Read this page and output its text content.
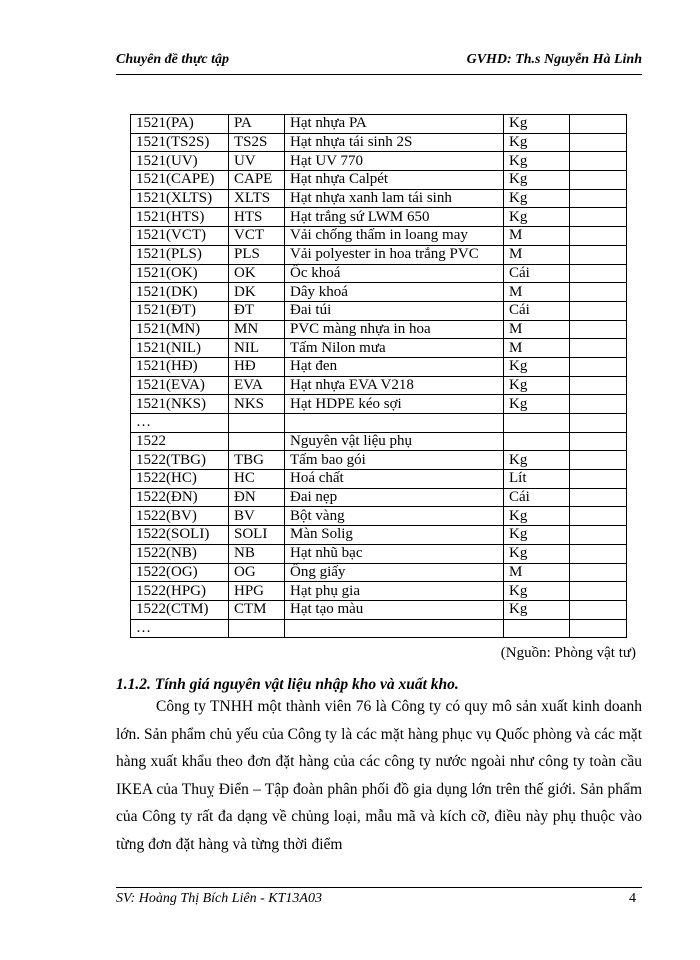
Chuyên đề thực tập	GVHD: Th.s Nguyễn Hà Linh
1521(PA)	PA	Hạt nhựa PA	Kg	
1521(TS2S)	TS2S	Hạt nhựa tái sinh 2S	Kg	
1521(UV)	UV	Hạt UV 770	Kg	
1521(CAPE)	CAPE	Hạt nhựa Calpét	Kg	
1521(XLTS)	XLTS	Hạt nhựa xanh lam tái sinh	Kg	
1521(HTS)	HTS	Hạt trắng sứ LWM 650	Kg	
1521(VCT)	VCT	Vải chống thấm in loang may	M	
1521(PLS)	PLS	Vải polyester in hoa trắng PVC	M	
1521(OK)	OK	Ốc khoá	Cái	
1521(DK)	DK	Dây khoá	M	
1521(ĐT)	ĐT	Đai túi	Cái	
1521(MN)	MN	PVC màng nhựa in hoa	M	
1521(NIL)	NIL	Tấm Nilon mưa	M	
1521(HĐ)	HĐ	Hạt đen	Kg	
1521(EVA)	EVA	Hạt nhựa EVA V218	Kg	
1521(NKS)	NKS	Hạt HDPE kéo sợi	Kg	
…				
1522		Nguyên vật liệu phụ		
1522(TBG)	TBG	Tấm bao gói	Kg	
1522(HC)	HC	Hoá chất	Lít	
1522(ĐN)	ĐN	Đai nẹp	Cái	
1522(BV)	BV	Bột vàng	Kg	
1522(SOLI)	SOLI	Màn Solig	Kg	
1522(NB)	NB	Hạt nhũ bạc	Kg	
1522(OG)	OG	Ống giấy	M	
1522(HPG)	HPG	Hạt phụ gia	Kg	
1522(CTM)	CTM	Hạt tạo màu	Kg	
…				
(Nguồn: Phòng vật tư)
1.1.2. Tính giá nguyên vật liệu nhập kho và xuất kho.

Công ty TNHH một thành viên 76 là Công ty có quy mô sản xuất kinh doanh lớn. Sản phẩm chủ yếu của Công ty là các mặt hàng phục vụ Quốc phòng và các mặt hàng xuất khẩu theo đơn đặt hàng của các công ty nước ngoài như công ty toàn cầu IKEA của Thuỵ Điển – Tập đoàn phân phối đồ gia dụng lớn trên thế giới. Sản phẩm của Công ty rất đa dạng về chủng loại, mẫu mã và kích cỡ, điều này phụ thuộc vào từng đơn đặt hàng và từng thời điểm

SV: Hoàng Thị Bích Liên - KT13A03	4
